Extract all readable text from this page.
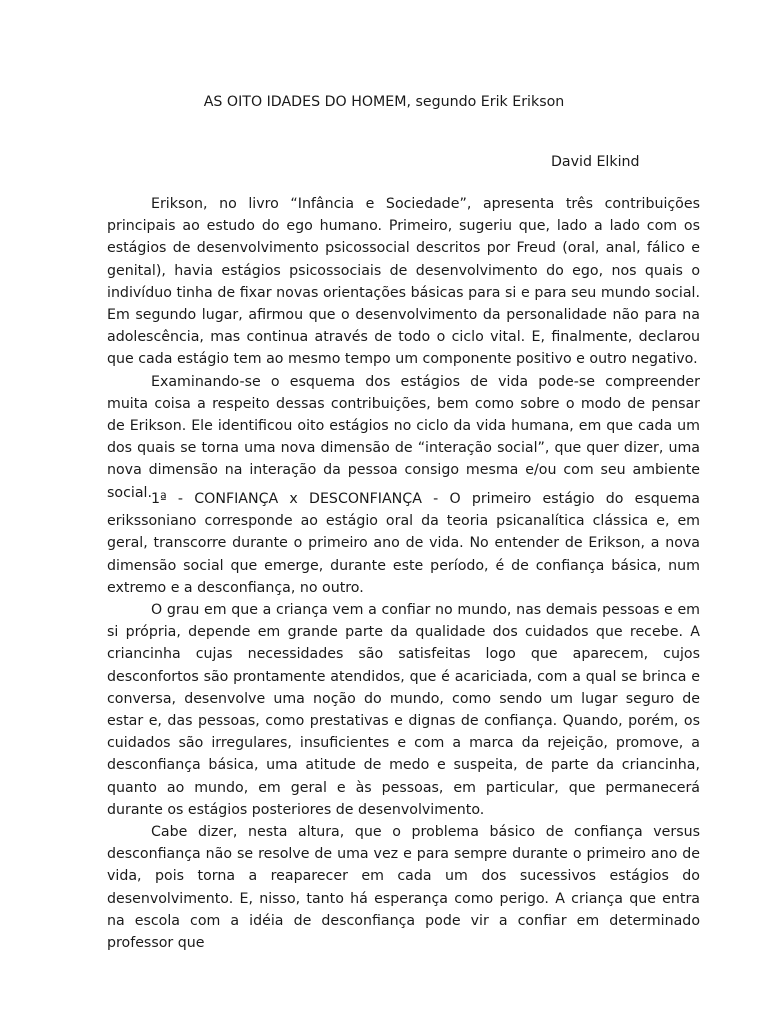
AS OITO IDADES DO HOMEM, segundo Erik Erikson

David Elkind

Erikson, no livro “Infância e Sociedade”, apresenta três contribuições principais ao estudo do ego humano. Primeiro, sugeriu que, lado a lado com os estágios de desenvolvimento psicossocial descritos por Freud (oral, anal, fálico e genital), havia estágios psicossociais de desenvolvimento do ego, nos quais o indivíduo tinha de fixar novas orientações básicas para si e para seu mundo social. Em segundo lugar, afirmou que o desenvolvimento da personalidade não para na adolescência, mas continua através de todo o ciclo vital. E, finalmente, declarou que cada estágio tem ao mesmo tempo um componente positivo e outro negativo.

Examinando-se o esquema dos estágios de vida pode-se compreender muita coisa a respeito dessas contribuições, bem como sobre o modo de pensar de Erikson. Ele identificou oito estágios no ciclo da vida humana, em que cada um dos quais se torna uma nova dimensão de “interação social”, que quer dizer, uma nova dimensão na interação da pessoa consigo mesma e/ou com seu ambiente social. 1ª - CONFIANÇA x DESCONFIANÇA - O primeiro estágio do esquema erikssoniano corresponde ao estágio oral da teoria psicanalítica clássica e, em geral, transcorre durante o primeiro ano de vida. No entender de Erikson, a nova dimensão social que emerge, durante este período, é de confiança básica, num extremo e a desconfiança, no outro.

O grau em que a criança vem a confiar no mundo, nas demais pessoas e em si própria, depende em grande parte da qualidade dos cuidados que recebe. A criancinha cujas necessidades são satisfeitas logo que aparecem, cujos desconfortos são prontamente atendidos, que é acariciada, com a qual se brinca e conversa, desenvolve uma noção do mundo, como sendo um lugar seguro de estar e, das pessoas, como prestativas e dignas de confiança. Quando, porém, os cuidados são irregulares, insuficientes e com a marca da rejeição, promove, a desconfiança básica, uma atitude de medo e suspeita, de parte da criancinha, quanto ao mundo, em geral e às pessoas, em particular, que permanecerá durante os estágios posteriores de desenvolvimento.

Cabe dizer, nesta altura, que o problema básico de confiança versus desconfiança não se resolve de uma vez e para sempre durante o primeiro ano de vida, pois torna a reaparecer em cada um dos sucessivos estágios do desenvolvimento. E, nisso, tanto há esperança como perigo. A criança que entra na escola com a idéia de desconfiança pode vir a confiar em determinado professor que
